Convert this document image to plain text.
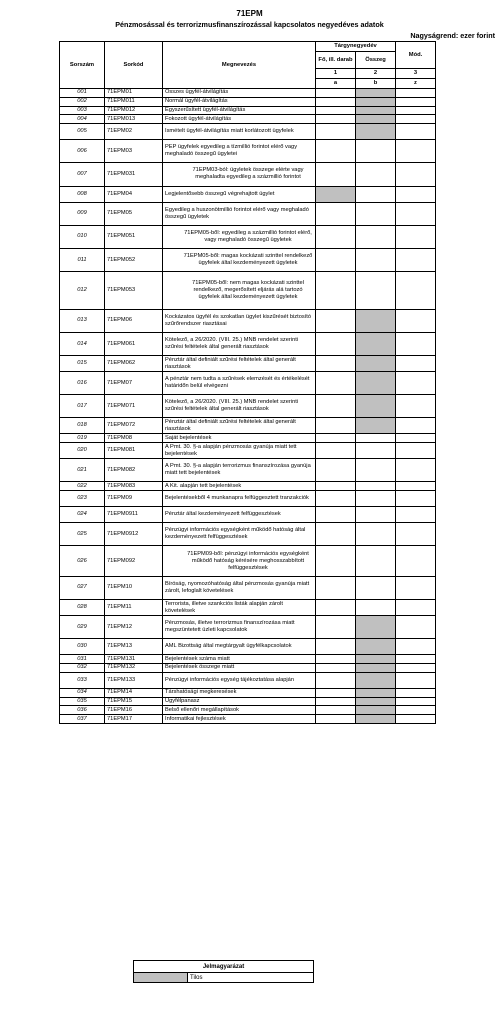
71EPM
Pénzmosással és terrorizmusfinanszírozással kapcsolatos negyedéves adatok
Nagyságrend: ezer forint
Sorszám	Sorkód	Megnevezés	Tárgynegyedév		Mód.
			Fő, ill. darab	Összeg	
			1	2	3
			a	b	z
001	71EPM01	Összes ügyfél-átvilágítás			
002	71EPM011	Normál ügyfél-átvilágítás			
003	71EPM012	Egyszerűsített ügyfél-átvilágítás			
004	71EPM013	Fokozott ügyfél-átvilágítás			
005	71EPM02	Ismételt ügyfél-átvilágítás miatt korlátozott ügyfelek			
006	71EPM03	PEP ügyfelek egyedileg a tízmillió forintot elérő vagy meghaladó összegű ügyletei			
007	71EPM031	71EPM03-ból: ügyletek összege elérte vagy meghaladta egyedileg a százmillió forintot			
008	71EPM04	Legjelentősebb összegű végrehajtott ügylet			
009	71EPM05	Egyedileg a huszonötmillió forintot elérő vagy meghaladó összegű ügyletek			
010	71EPM051	71EPM05-ből: egyedileg a százmillió forintot elérő, vagy meghaladó összegű ügyletek			
011	71EPM052	71EPM05-ből: magas kockázati szinttel rendelkező ügyfelek által kezdeményezett ügyletek			
012	71EPM053	71EPM05-ből: nem magas kockázati szinttel rendelkező, megerősített eljárás alá tartozó ügyfelek által kezdeményezett ügyletek			
013	71EPM06	Kockázatos ügyfél és szokatlan ügylet kiszűrését biztosító szűrőrendszer riasztásai			
014	71EPM061	Kötelező, a 26/2020. (VIII. 25.) MNB rendelet szerinti szűrési feltételek által generált riasztások			
015	71EPM062	Pénztár által definiált szűrési feltételek által generált riasztások			
016	71EPM07	A pénztár nem tudta a szűrések elemzését és értékelését határidőn belül elvégezni			
017	71EPM071	Kötelező, a 26/2020. (VIII. 25.) MNB rendelet szerinti szűrési feltételek által generált riasztások			
018	71EPM072	Pénztár által definiált szűrési feltételek által generált riasztások			
019	71EPM08	Saját bejelentések			
020	71EPM081	A Pmt. 30. §-a alapján pénzmosás gyanúja miatt tett bejelentések			
021	71EPM082	A Pmt. 30. §-a alapján terrorizmus finanszírozása gyanúja miatt tett bejelentések			
022	71EPM083	A Kit. alapján tett bejelentések			
023	71EPM09	Bejelentésekből 4 munkanapra felfüggesztett tranzakciók			
024	71EPM0911	Pénztár által kezdeményezett felfüggesztések			
025	71EPM0912	Pénzügyi információs egységként működő hatóság által kezdeményezett felfüggesztések			
026	71EPM092	71EPM09-ből: pénzügyi információs egységként működő hatóság kérésére meghosszabbított felfüggesztések			
027	71EPM10	Bíróság, nyomozóhatóság által pénzmosás gyanúja miatt zárolt, lefoglalt követelések			
028	71EPM11	Terrorista, illetve szankciós listák alapján zárolt követelések			
029	71EPM12	Pénzmosás, illetve terrorizmus finanszírozása miatt megszüntetett üzleti kapcsolatok			
030	71EPM13	AML Bizottság által megtárgyalt ügyfélkapcsolatok			
031	71EPM131	Bejelentések száma miatt			
032	71EPM132	Bejelentések összege miatt			
033	71EPM133	Pénzügyi információs egység tájékoztatása alapján			
034	71EPM14	Társhatósági megkeresések			
035	71EPM15	Ügyfélpanasz			
036	71EPM16	Belső ellenőri megállapítások			
037	71EPM17	Informatikai fejlesztések			
Jelmagyarázat
	Tilos
